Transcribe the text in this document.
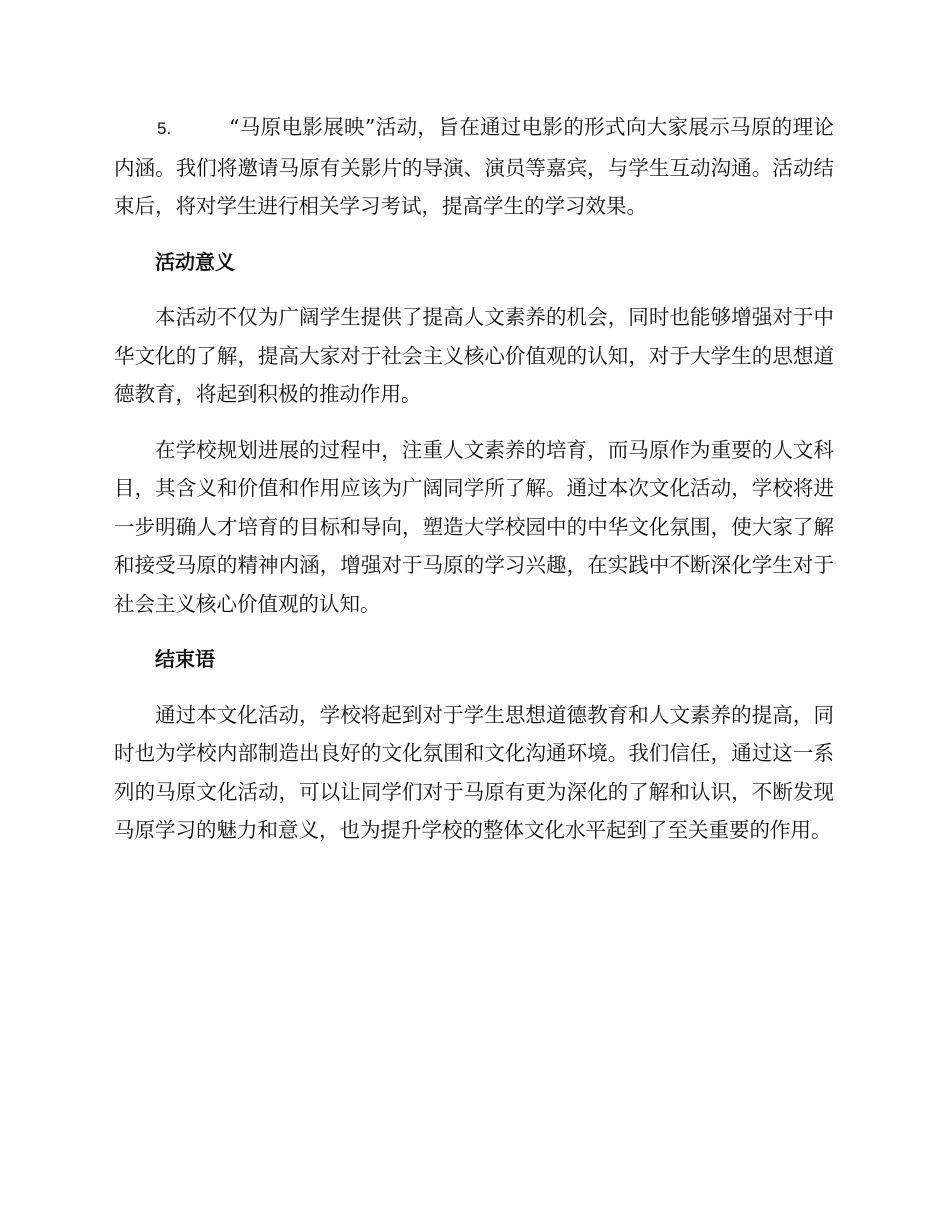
5.	“马原电影展映”活动，旨在通过电影的形式向大家展示马原的理论内涵。我们将邀请马原有关影片的导演、演员等嘉宾，与学生互动沟通。活动结束后，将对学生进行相关学习考试，提高学生的学习效果。

活动意义

本活动不仅为广阔学生提供了提高人文素养的机会，同时也能够增强对于中华文化的了解，提高大家对于社会主义核心价值观的认知，对于大学生的思想道德教育，将起到积极的推动作用。

在学校规划进展的过程中，注重人文素养的培育，而马原作为重要的人文科目，其含义和价值和作用应该为广阔同学所了解。通过本次文化活动，学校将进一步明确人才培育的目标和导向，塑造大学校园中的中华文化氛围，使大家了解和接受马原的精神内涵，增强对于马原的学习兴趣，在实践中不断深化学生对于社会主义核心价值观的认知。

结束语

通过本文化活动，学校将起到对于学生思想道德教育和人文素养的提高，同时也为学校内部制造出良好的文化氛围和文化沟通环境。我们信任，通过这一系列的马原文化活动，可以让同学们对于马原有更为深化的了解和认识，不断发现马原学习的魅力和意义，也为提升学校的整体文化水平起到了至关重要的作用。
